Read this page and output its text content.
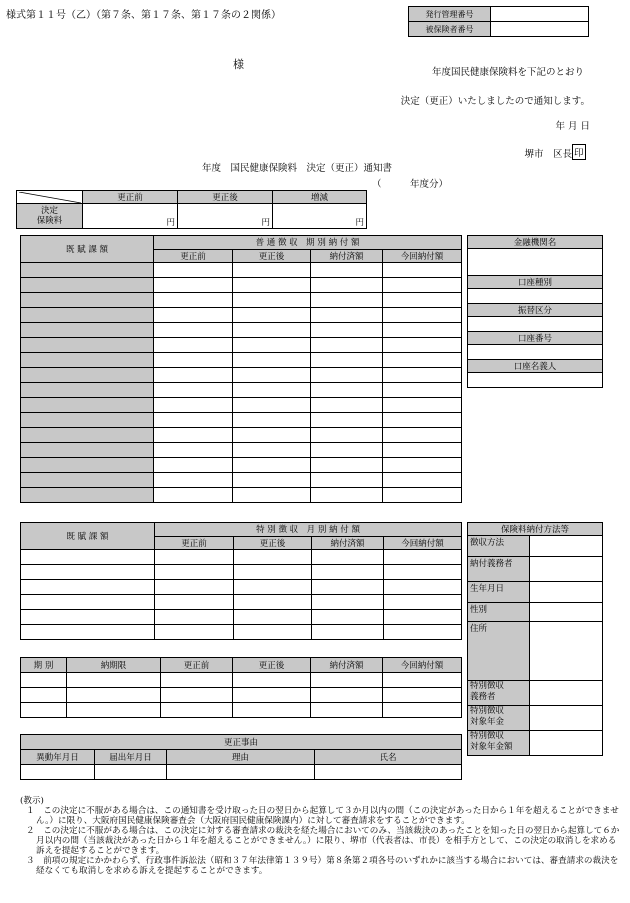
様式第１１号（乙）（第７条、第１７条、第１７条の２関係）	発行管理番号	
被保険者番号	
様
年度国民健康保険料を下記のとおり
決定（更正）いたしましたので通知します。
年 月 日
堺市　区長 印
年度　国民健康保険料　決定（更正）通知書
（　　　年度分）
	更正前	更正後	増減
決定
保険料	円	円	円
既 賦 課 額	普 通 徴 収　期 別 納 付 額			
	更正前	更正後	納付済額	今回納付額

金融機関名

口座種別

振替区分

口座番号

口座名義人

既 賦 課 額	特 別 徴 収　月 別 納 付 額			
	更正前	更正後	納付済額	今回納付額

期 別	納期限	更正前	更正後	納付済額	今回納付額

保険料納付方法等	
徴収方法	
納付義務者	
生年月日	
性別	
住所	
特別徴収
義務者	
特別徴収
対象年金	
特別徴収
対象年金額	
更正事由			
異動年月日	届出年月日	理由	氏名

(教示)
１　この決定に不服がある場合は、この通知書を受け取った日の翌日から起算して３か月以内の間（この決定があった日から１年を超えることができません。）に限り、大阪府国民健康保険審査会（大阪府国民健康保険課内）に対して審査請求をすることができます。
２　この決定に不服がある場合は、この決定に対する審査請求の裁決を経た場合においてのみ、当該裁決のあったことを知った日の翌日から起算して６か月以内の間（当該裁決があった日から１年を超えることができません。）に限り、堺市（代表者は、市長）を相手方として、この決定の取消しを求める訴えを提起することができます。
３　前項の規定にかかわらず、行政事件訴訟法（昭和３７年法律第１３９号）第８条第２項各号のいずれかに該当する場合においては、審査請求の裁決を経なくても取消しを求める訴えを提起することができます。
